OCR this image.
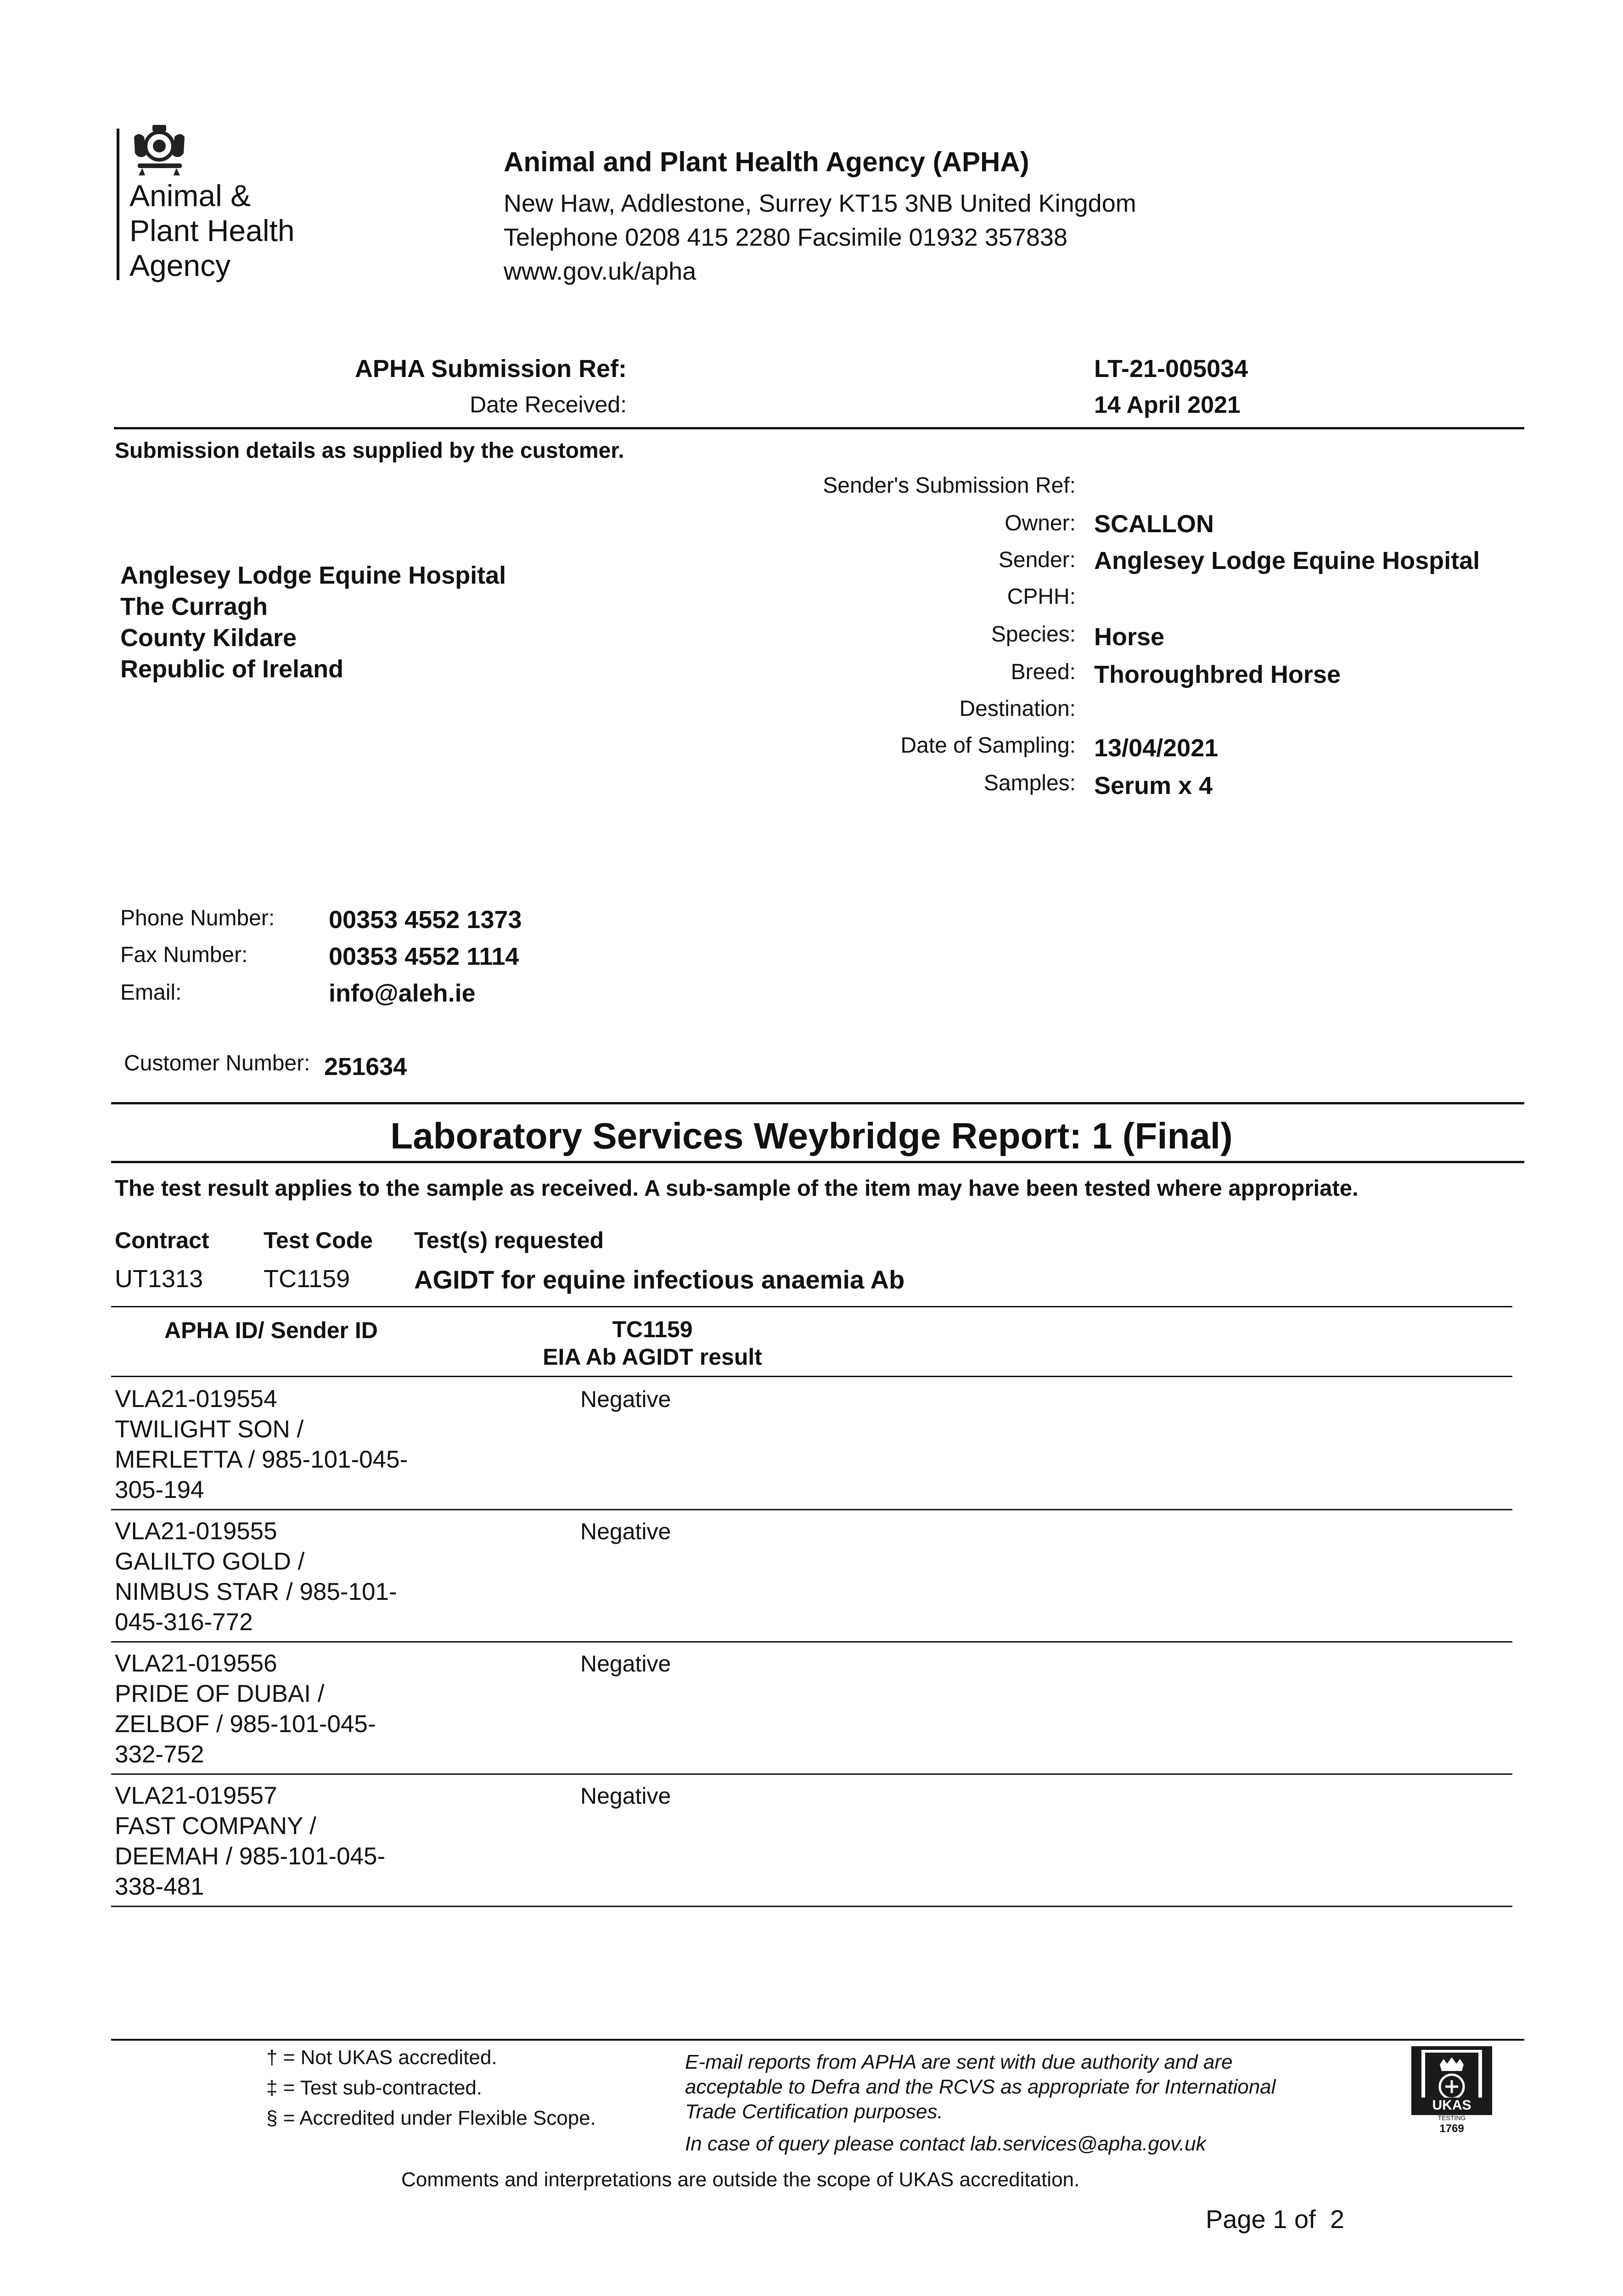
Animal &
Plant Health
Agency
Animal and Plant Health Agency (APHA)
New Haw, Addlestone, Surrey KT15 3NB United Kingdom
Telephone 0208 415 2280 Facsimile 01932 357838
www.gov.uk/apha
APHA Submission Ref:	LT-21-005034
Date Received:	14 April 2021
Submission details as supplied by the customer.
Sender's Submission Ref:
Owner: SCALLON
Sender: Anglesey Lodge Equine Hospital
CPHH:
Species: Horse
Breed: Thoroughbred Horse
Destination:
Date of Sampling: 13/04/2021
Samples: Serum x 4
Anglesey Lodge Equine Hospital
The Curragh
County Kildare
Republic of Ireland
Phone Number: 00353 4552 1373
Fax Number:	00353 4552 1114
Email:	info@aleh.ie
Customer Number: 251634
Laboratory Services Weybridge Report: 1 (Final)
The test result applies to the sample as received. A sub-sample of the item may have been tested where appropriate.
Contract Test Code Test(s) requested
UT1313 TC1159 AGIDT for equine infectious anaemia Ab
APHA ID/ Sender ID	TC1159
EIA Ab AGIDT result
VLA21-019554
TWILIGHT SON /
MERLETTA / 985-101-045-
305-194
Negative
VLA21-019555
GALILTO GOLD /
NIMBUS STAR / 985-101-
045-316-772
Negative
VLA21-019556
PRIDE OF DUBAI /
ZELBOF / 985-101-045-
332-752
Negative
VLA21-019557
FAST COMPANY /
DEEMAH / 985-101-045-
338-481
Negative
† = Not UKAS accredited.
‡ = Test sub-contracted.
§ = Accredited under Flexible Scope.
E-mail reports from APHA are sent with due authority and are
acceptable to Defra and the RCVS as appropriate for International
Trade Certification purposes.
In case of query please contact lab.services@apha.gov.uk
UKAS
TESTING
1769
Comments and interpretations are outside the scope of UKAS accreditation.
Page 1 of  2
